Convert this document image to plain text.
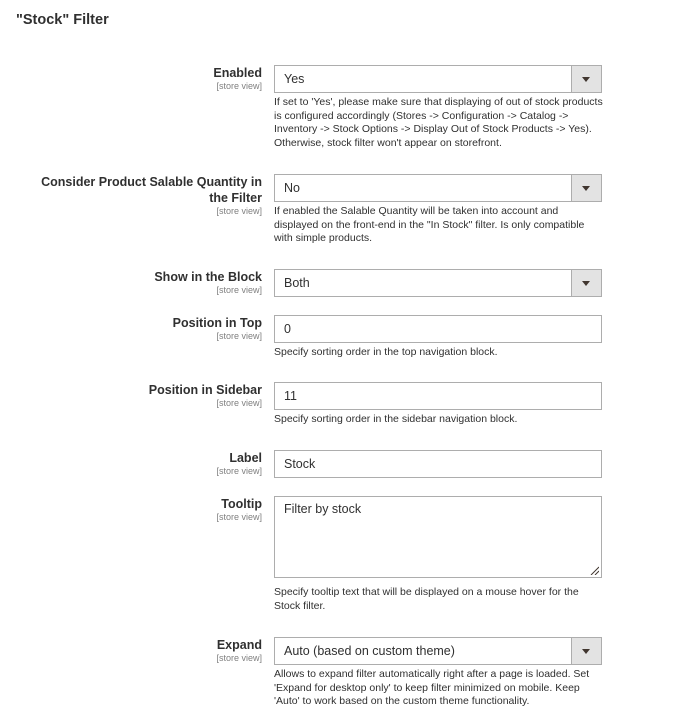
"Stock" Filter
Enabled
[store view] Yes
If set to 'Yes', please make sure that displaying of out of stock products is configured accordingly (Stores -> Configuration -> Catalog -> Inventory -> Stock Options -> Display Out of Stock Products -> Yes). Otherwise, stock filter won't appear on storefront.
Consider Product Salable Quantity in the Filter
[store view]
No
If enabled the Salable Quantity will be taken into account and displayed on the front-end in the "In Stock" filter. Is only compatible with simple products.
Show in the Block
[store view] Both
Position in Top
[store view]	0
Specify sorting order in the top navigation block.
Position in Sidebar
[store view]	11
Specify sorting order in the sidebar navigation block.
Label
[store view]	Stock
Tooltip
[store view]
Filter by stock
Specify tooltip text that will be displayed on a mouse hover for the Stock filter.
Expand
[store view] Auto (based on custom theme)
Allows to expand filter automatically right after a page is loaded. Set 'Expand for desktop only' to keep filter minimized on mobile. Keep 'Auto' to work based on the custom theme functionality.
